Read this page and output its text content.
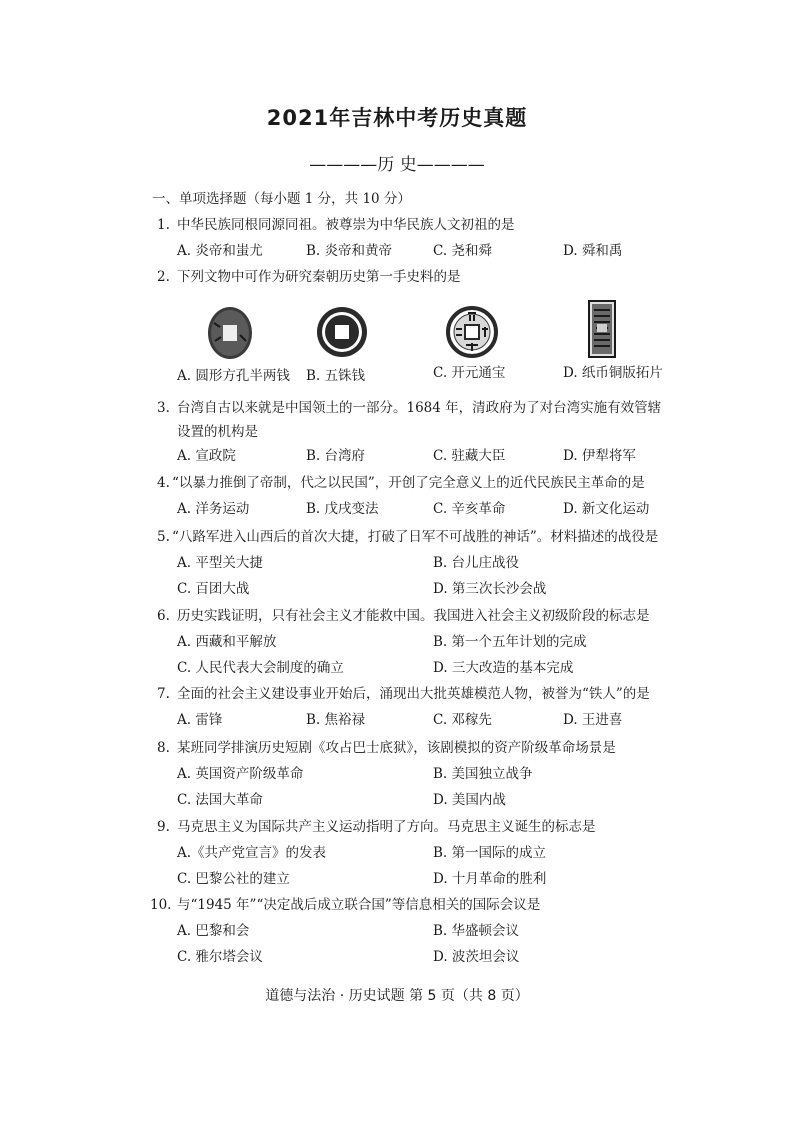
2021年吉林中考历史真题
————历 史————
一、单项选择题（每小题 1 分，共 10 分）
1. 中华民族同根同源同祖。被尊崇为中华民族人文初祖的是
A. 炎帝和蚩尤	B. 炎帝和黄帝	C. 尧和舜	D. 舜和禹
2. 下列文物中可作为研究秦朝历史第一手史料的是
A. 圆形方孔半两钱 B. 五铢钱	C. 开元通宝	D. 纸币铜版拓片
3. 台湾自古以来就是中国领土的一部分。1684 年，清政府为了对台湾实施有效管辖
设置的机构是
A. 宣政院	B. 台湾府	C. 驻藏大臣	D. 伊犁将军
4. “以暴力推倒了帝制，代之以民国”，开创了完全意义上的近代民族民主革命的是
A. 洋务运动	B. 戊戌变法	C. 辛亥革命	D. 新文化运动
5. “八路军进入山西后的首次大捷，打破了日军不可战胜的神话”。材料描述的战役是
A. 平型关大捷	B. 台儿庄战役
C. 百团大战	D. 第三次长沙会战
6. 历史实践证明，只有社会主义才能救中国。我国进入社会主义初级阶段的标志是
A. 西藏和平解放	B. 第一个五年计划的完成
C. 人民代表大会制度的确立	D. 三大改造的基本完成
7. 全面的社会主义建设事业开始后，涌现出大批英雄模范人物，被誉为“铁人”的是
A. 雷锋	B. 焦裕禄	C. 邓稼先	D. 王进喜
8. 某班同学排演历史短剧《攻占巴士底狱》，该剧模拟的资产阶级革命场景是
A. 英国资产阶级革命	B. 美国独立战争
C. 法国大革命	D. 美国内战
9. 马克思主义为国际共产主义运动指明了方向。马克思主义诞生的标志是
A.《共产党宣言》的发表	B. 第一国际的成立
C. 巴黎公社的建立	D. 十月革命的胜利
10. 与“1945 年”“决定战后成立联合国”等信息相关的国际会议是
A. 巴黎和会	B. 华盛顿会议
C. 雅尔塔会议	D. 波茨坦会议
道德与法治 · 历史试题 第 5 页（共 8 页）
